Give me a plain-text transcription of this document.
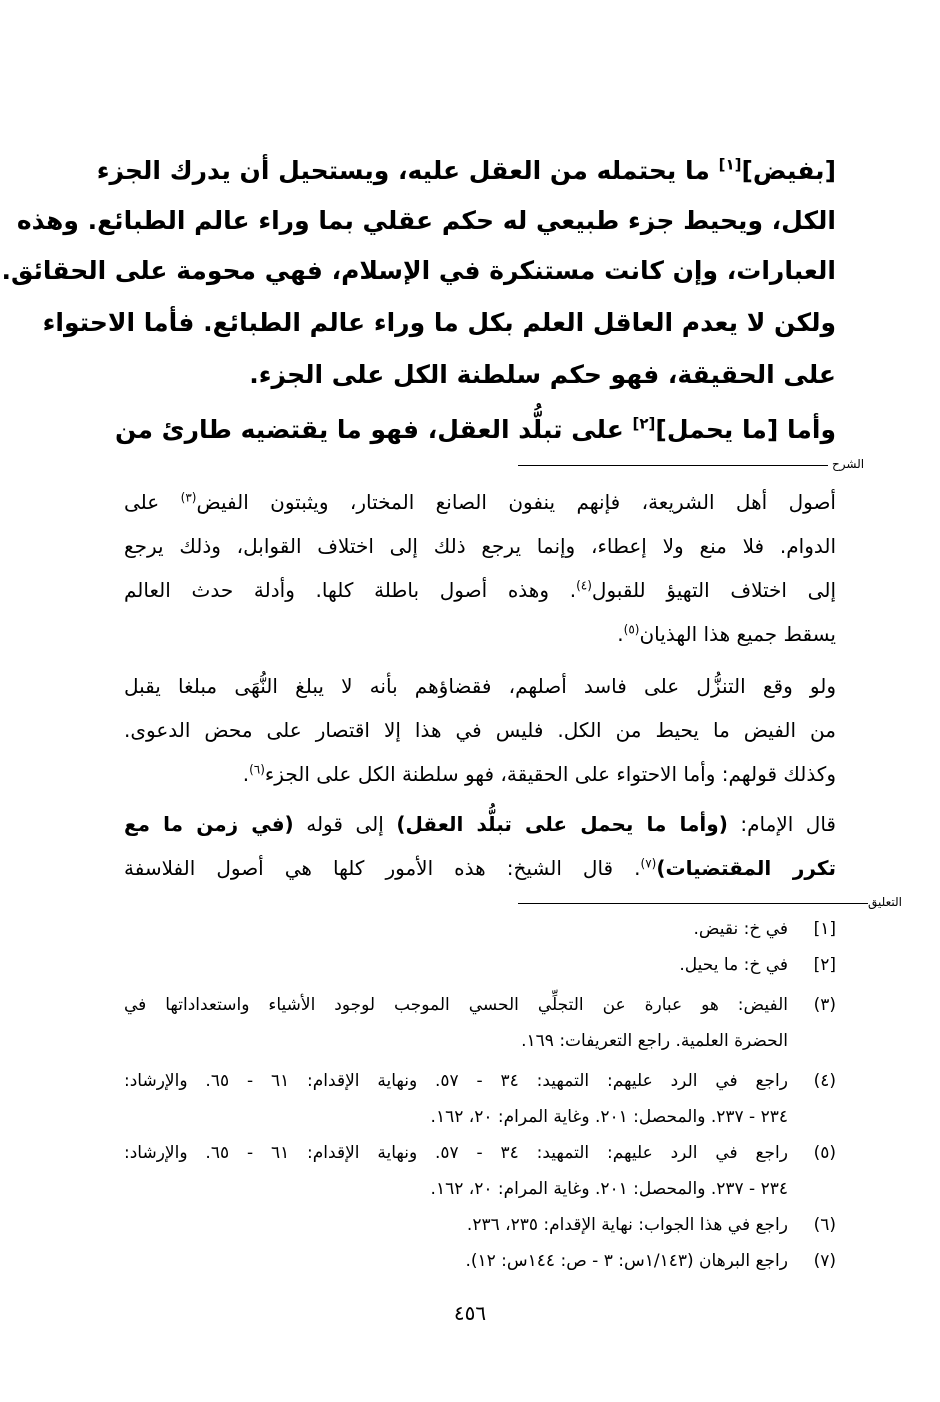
[بفيض][١] ما يحتمله من العقل عليه، ويستحيل أن يدرك الجزء
الكل، ويحيط جزء طبيعي له حكم عقلي بما وراء عالم الطبائع. وهذه
العبارات، وإن كانت مستنكرة في الإسلام، فهي محومة على الحقائق.
ولكن لا يعدم العاقل العلم بكل ما وراء عالم الطبائع. فأما الاحتواء
على الحقيقة، فهو حكم سلطنة الكل على الجزء.
وأما [ما يحمل][٢] على تبلُّد العقل، فهو ما يقتضيه طارئ من
الشرح
أصول أهل الشريعة، فإنهم ينفون الصانع المختار، ويثبتون الفيض$^{(٣)}$ على
الدوام. فلا منع ولا إعطاء، وإنما يرجع ذلك إلى اختلاف القوابل، وذلك يرجع
إلى اختلاف التهيؤ للقبول$^{(٤)}$. وهذه أصول باطلة كلها. وأدلة حدث العالم
يسقط جميع هذا الهذيان$^{(٥)}$.
ولو وقع التنزُّل على فاسد أصلهم، فقضاؤهم بأنه لا يبلغ النُّهَى مبلغا يقبل
من الفيض ما يحيط من الكل. فليس في هذا إلا اقتصار على محض الدعوى.
وكذلك قولهم: وأما الاحتواء على الحقيقة، فهو سلطنة الكل على الجزء$^{(٦)}$.
قال الإمام: (وأما ما يحمل على تبلُّد العقل) إلى قوله (في زمن ما مع
تكرر المقتضيات)$^{(٧)}$. قال الشيخ: هذه الأمور كلها هي أصول الفلاسفة
التعليق
[١]
في خ: نقيض.
[٢]
في خ: ما يحيل.
(٣)
الفيض: هو عبارة عن التجلِّي الحسي الموجب لوجود الأشياء واستعداداتها في
الحضرة العلمية. راجع التعريفات: ١٦٩.
(٤)
راجع في الرد عليهم: التمهيد: ٣٤ - ٥٧. ونهاية الإقدام: ٦١ - ٦٥. والإرشاد:
٢٣٤ - ٢٣٧. والمحصل: ٢٠١. وغاية المرام: ٢٠، ١٦٢.
(٥)
راجع في الرد عليهم: التمهيد: ٣٤ - ٥٧. ونهاية الإقدام: ٦١ - ٦٥. والإرشاد:
٢٣٤ - ٢٣٧. والمحصل: ٢٠١. وغاية المرام: ٢٠، ١٦٢.
(٦)
راجع في هذا الجواب: نهاية الإقدام: ٢٣٥، ٢٣٦.
(٧)
راجع البرهان (١/١٤٣س: ٣ - ص: ١٤٤س: ١٢).
٤٥٦
